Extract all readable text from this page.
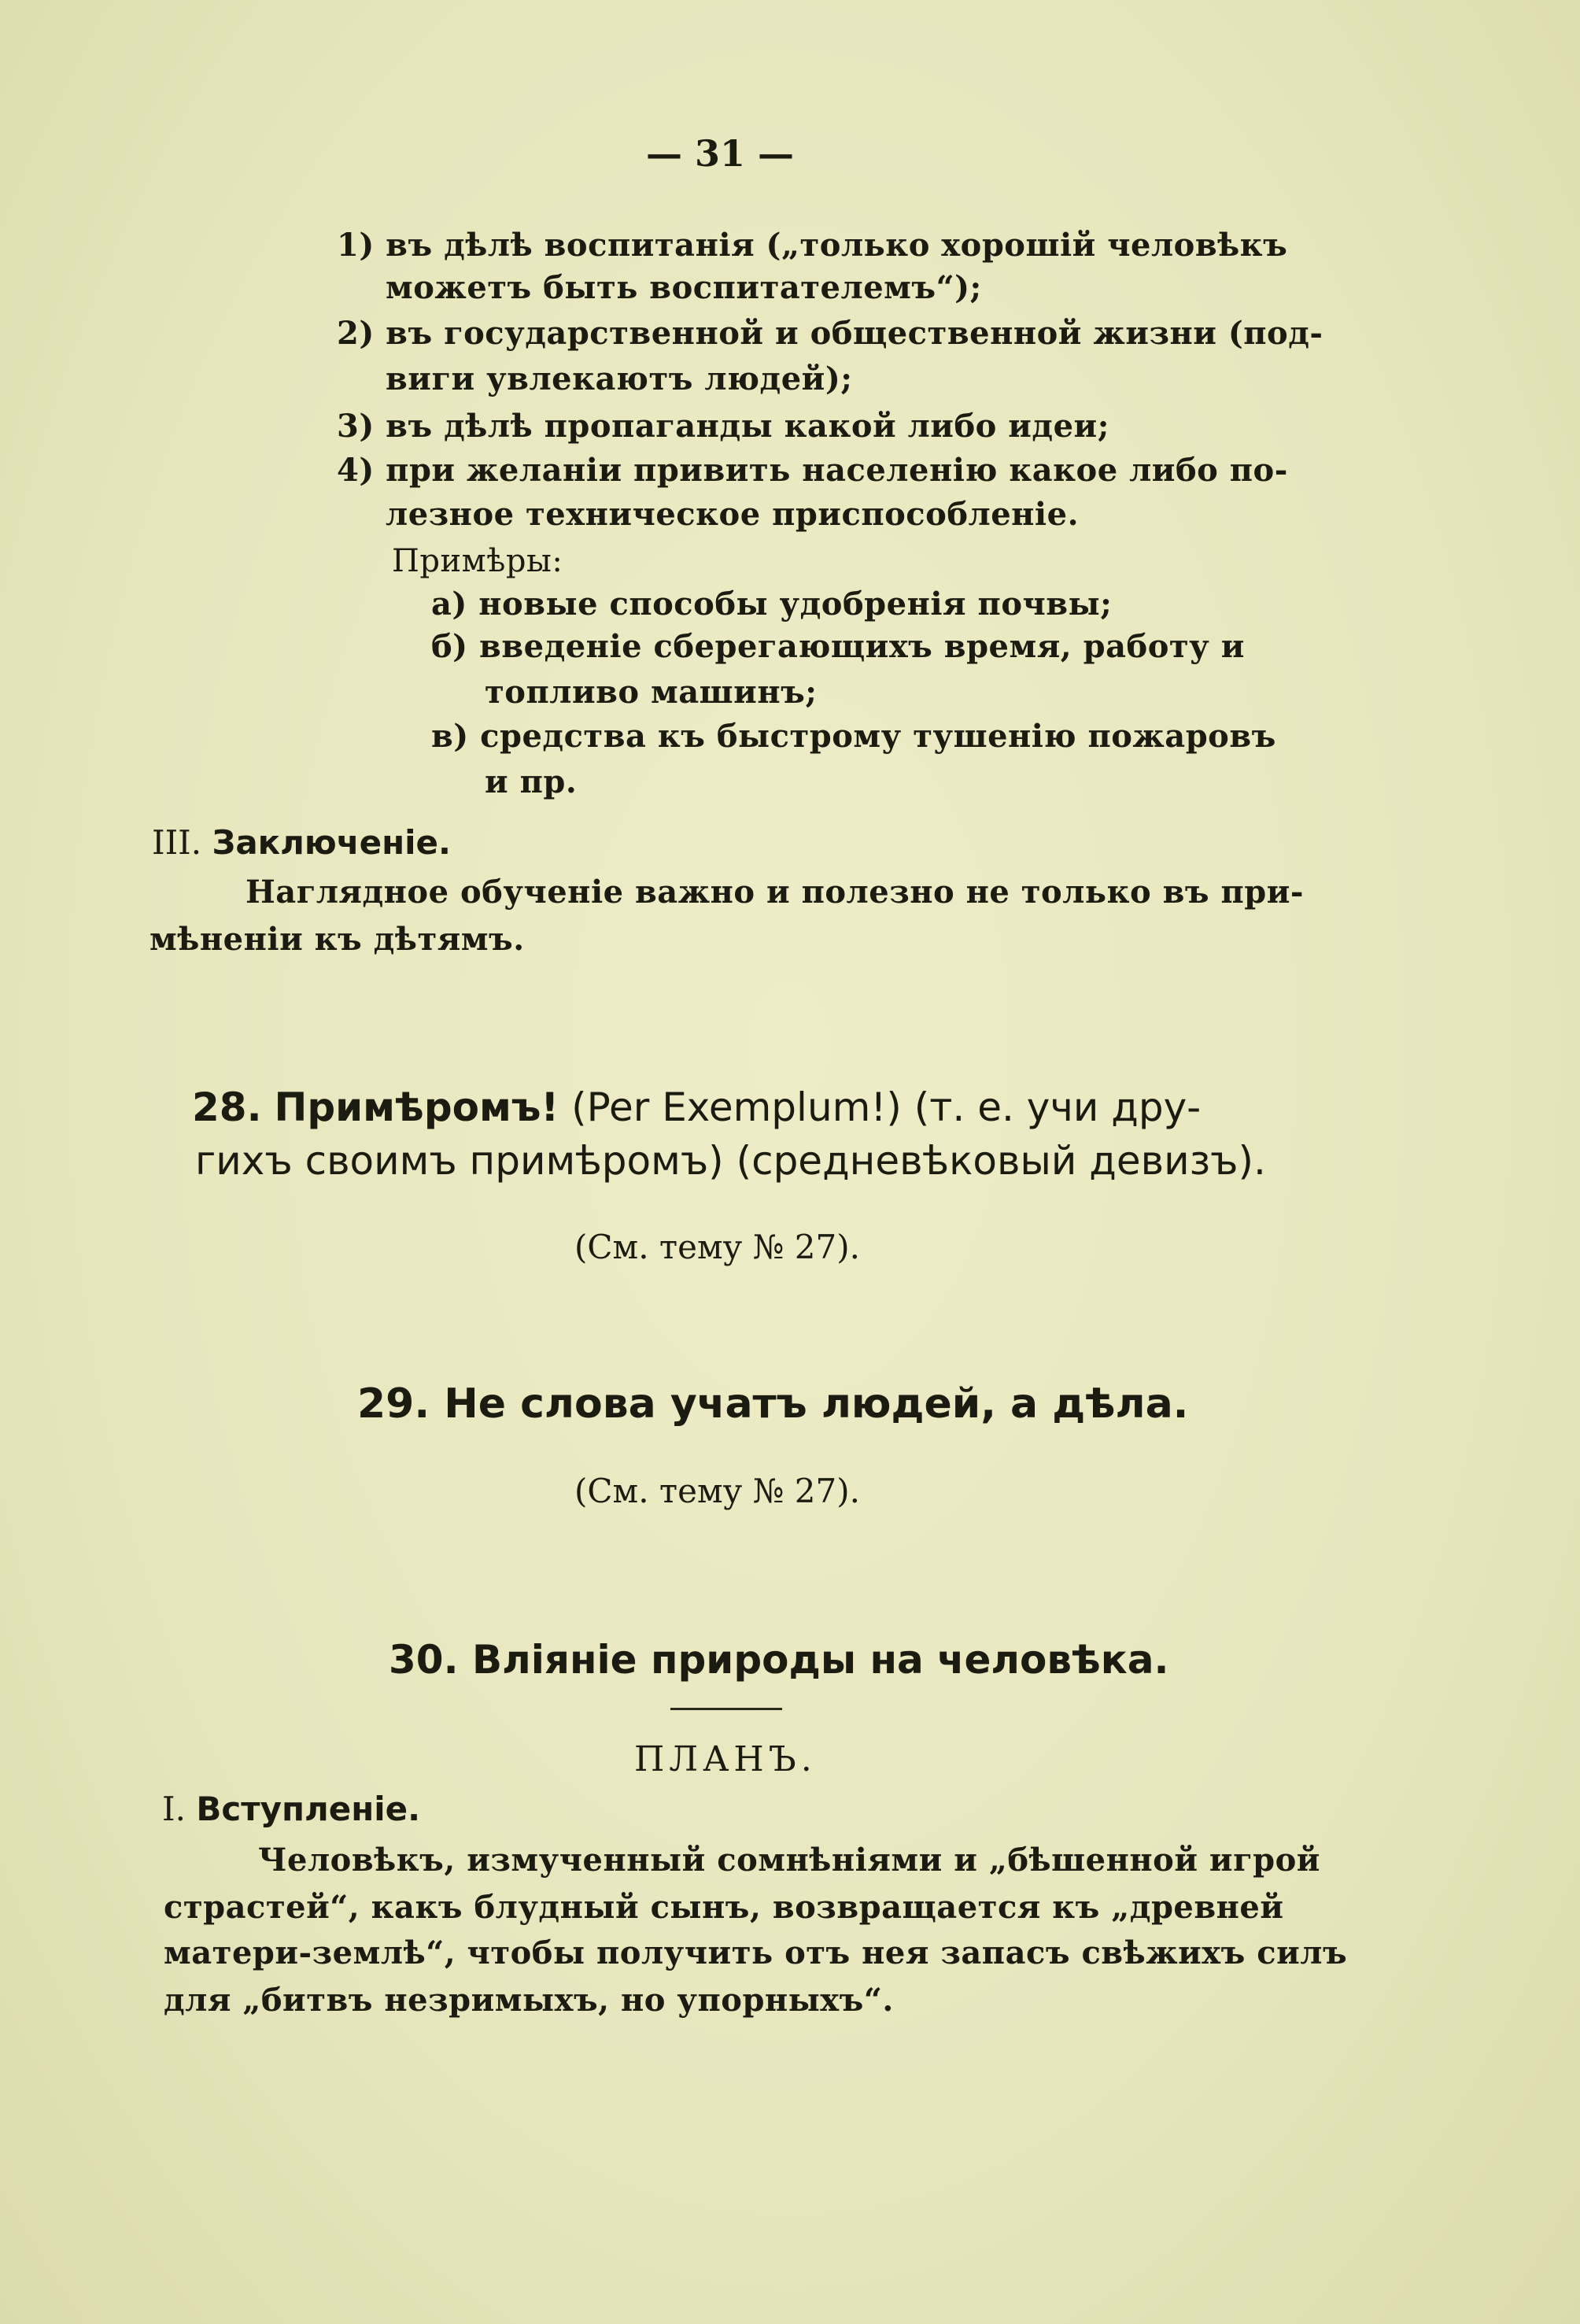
— 31 —
1) въ дѣлѣ воспитанія („только хорошій человѣкъ
можетъ быть воспитателемъ“);
2) въ государственной и общественной жизни (под-
виги увлекаютъ людей);
3) въ дѣлѣ пропаганды какой либо идеи;
4) при желаніи привить населенію какое либо по-
лезное техническое приспособленіе.
Примѣры:
а) новые способы удобренія почвы;
б) введеніе сберегающихъ время, работу и
топливо машинъ;
в) средства къ быстрому тушенію пожаровъ
и пр.
III. Заключеніе.
Наглядное обученіе важно и полезно не только въ при-
мѣненіи къ дѣтямъ.
28. Примѣромъ! (Per Exemplum!) (т. е. учи дру-
гихъ своимъ примѣромъ) (средневѣковый девизъ).
(См. тему № 27).
29. Не слова учатъ людей, а дѣла.
(См. тему № 27).
30. Вліяніе природы на человѣка.
ПЛАНЪ.
I. Вступленіе.
Человѣкъ, измученный сомнѣніями и „бѣшенной игрой
страстей“, какъ блудный сынъ, возвращается къ „древней
матери-землѣ“, чтобы получить отъ нея запасъ свѣжихъ силъ
для „битвъ незримыхъ, но упорныхъ“.
